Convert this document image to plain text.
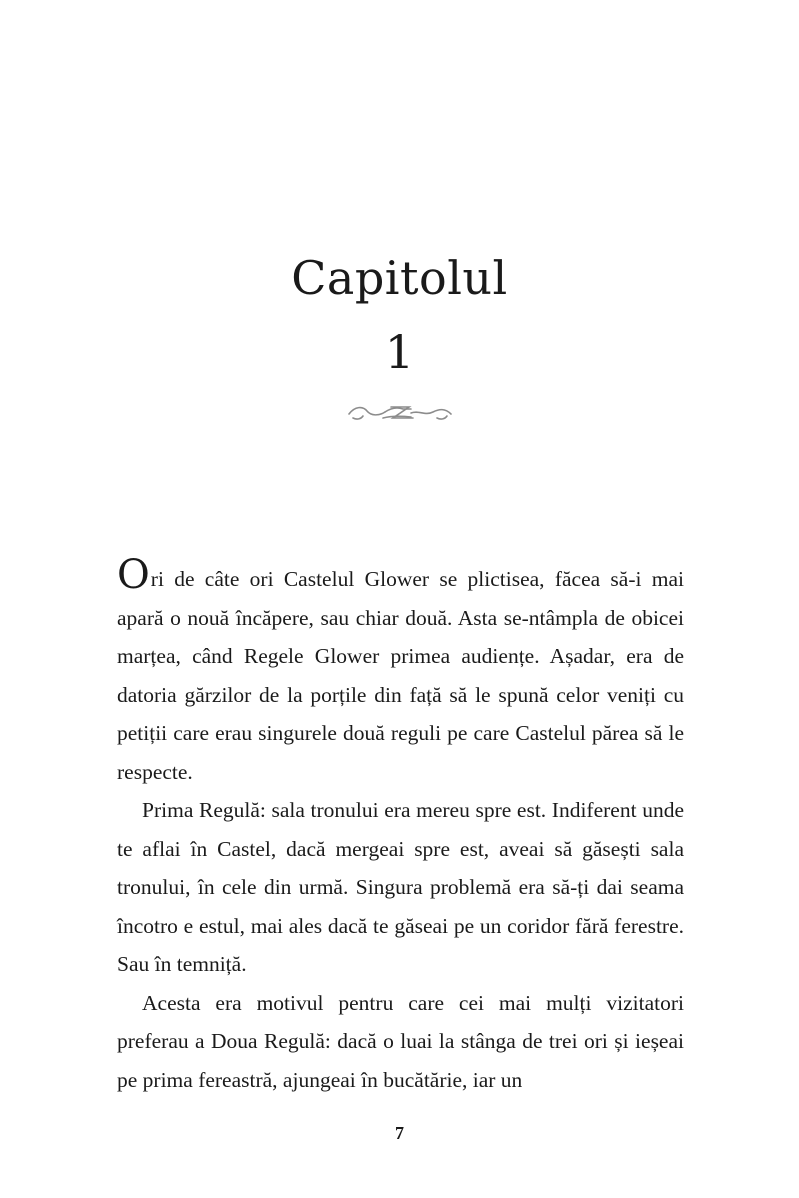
Capitolul
1

Ori de câte ori Castelul Glower se plictisea, făcea să-i mai apară o nouă încăpere, sau chiar două. Asta se-ntâmpla de obicei marțea, când Regele Glower primea audiențe. Așadar, era de datoria gărzilor de la porțile din față să le spună celor veniți cu petiții care erau singurele două reguli pe care Castelul părea să le respecte.

Prima Regulă: sala tronului era mereu spre est. Indiferent unde te aflai în Castel, dacă mergeai spre est, aveai să găsești sala tronului, în cele din urmă. Singura problemă era să-ți dai seama încotro e estul, mai ales dacă te găseai pe un coridor fără ferestre. Sau în temniță.

Acesta era motivul pentru care cei mai mulți vizitatori preferau a Doua Regulă: dacă o luai la stânga de trei ori și ieșeai pe prima fereastră, ajungeai în bucătărie, iar un

7
